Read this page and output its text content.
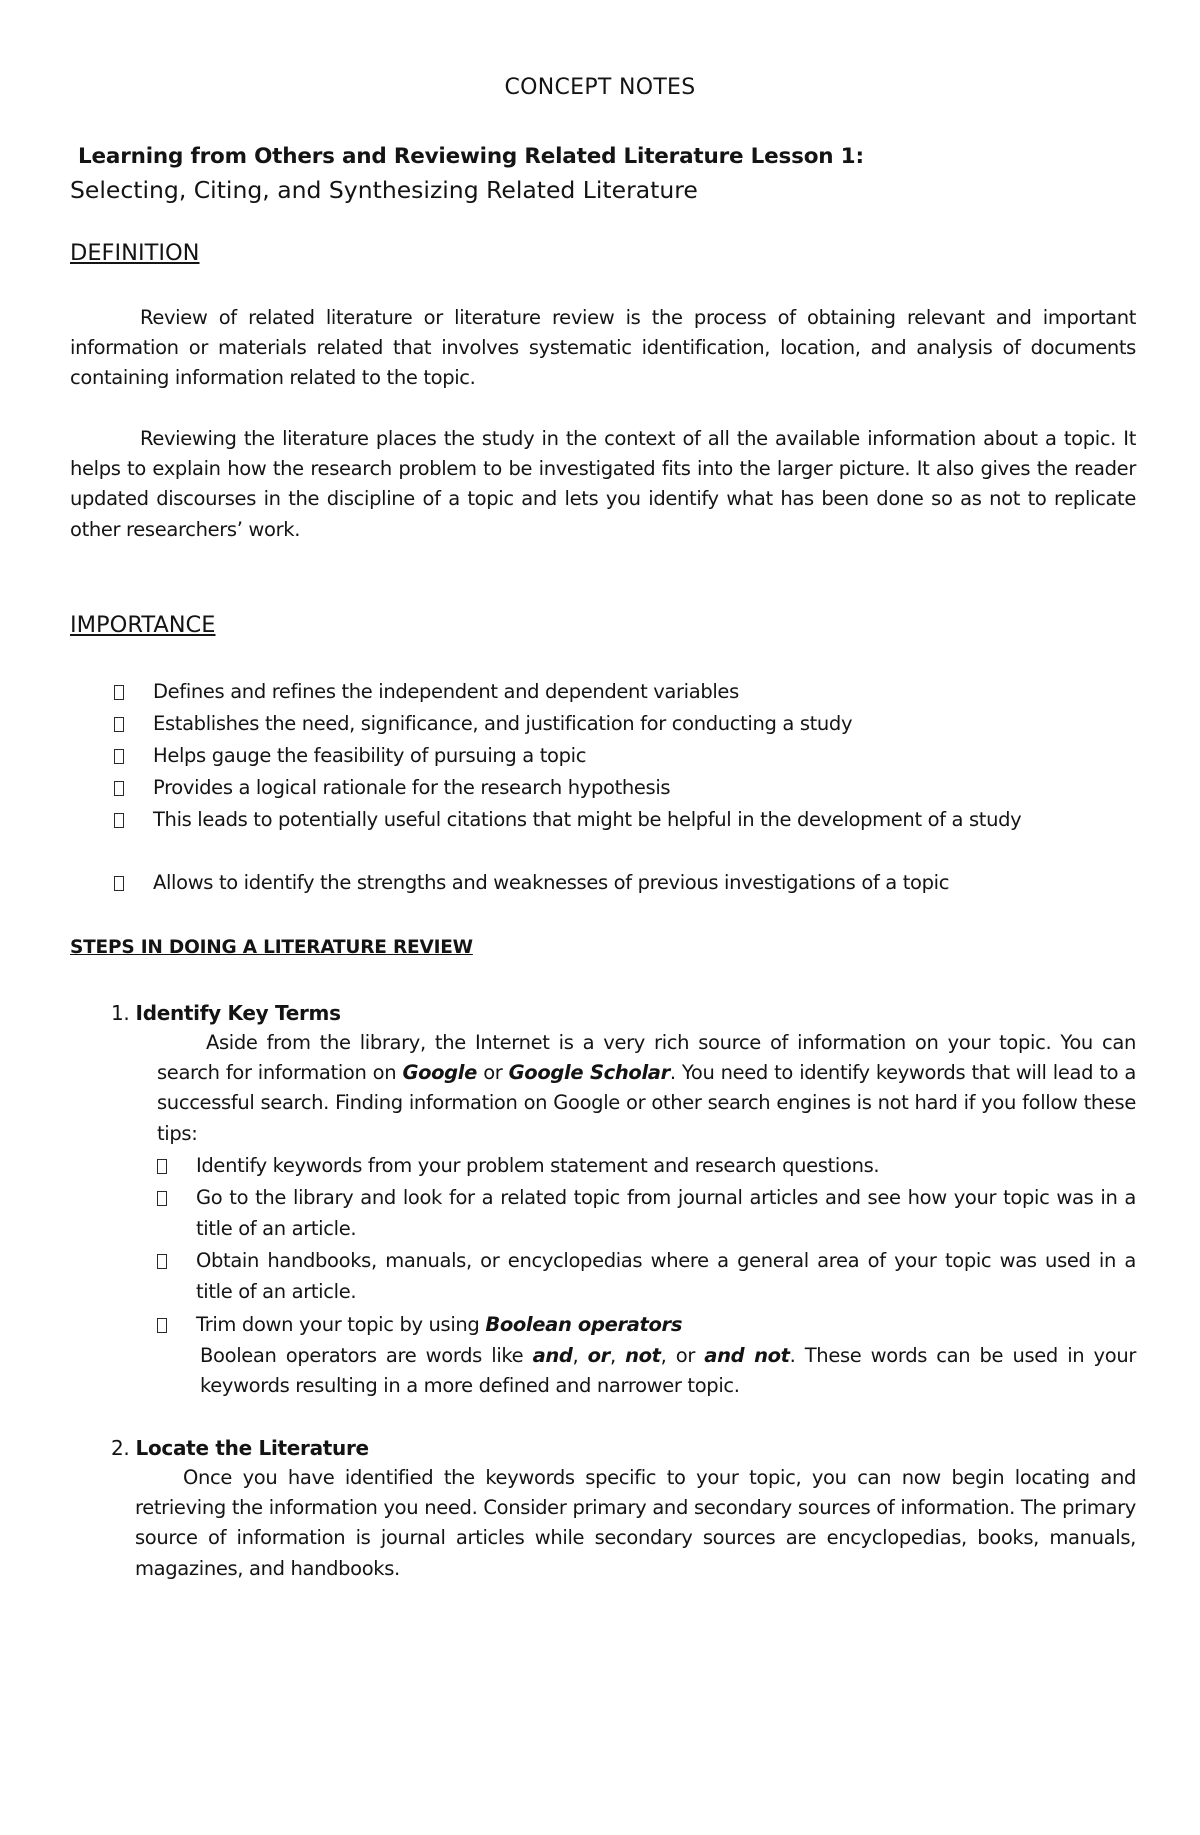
CONCEPT NOTES
Learning from Others and Reviewing Related Literature Lesson 1:
Selecting, Citing, and Synthesizing Related Literature
DEFINITION

Review of related literature or literature review is the process of obtaining relevant and important information or materials related that involves systematic identification, location, and analysis of documents containing information related to the topic.

Reviewing the literature places the study in the context of all the available information about a topic. It helps to explain how the research problem to be investigated fits into the larger picture. It also gives the reader updated discourses in the discipline of a topic and lets you identify what has been done so as not to replicate other researchers’ work.

IMPORTANCE
Defines and refines the independent and dependent variables
Establishes the need, significance, and justification for conducting a study
Helps gauge the feasibility of pursuing a topic
Provides a logical rationale for the research hypothesis
This leads to potentially useful citations that might be helpful in the development of a study
Allows to identify the strengths and weaknesses of previous investigations of a topic
STEPS IN DOING A LITERATURE REVIEW
1. Identify Key Terms

Aside from the library, the Internet is a very rich source of information on your topic. You can search for information on Google or Google Scholar. You need to identify keywords that will lead to a successful search. Finding information on Google or other search engines is not hard if you follow these tips:

Identify keywords from your problem statement and research questions.
Go to the library and look for a related topic from journal articles and see how your topic was in a title of an article.
Obtain handbooks, manuals, or encyclopedias where a general area of your topic was used in a title of an article.
Trim down your topic by using Boolean operators

Boolean operators are words like and, or, not, or and not. These words can be used in your keywords resulting in a more defined and narrower topic.

2. Locate the Literature

Once you have identified the keywords specific to your topic, you can now begin locating and retrieving the information you need. Consider primary and secondary sources of information. The primary source of information is journal articles while secondary sources are encyclopedias, books, manuals, magazines, and handbooks.
